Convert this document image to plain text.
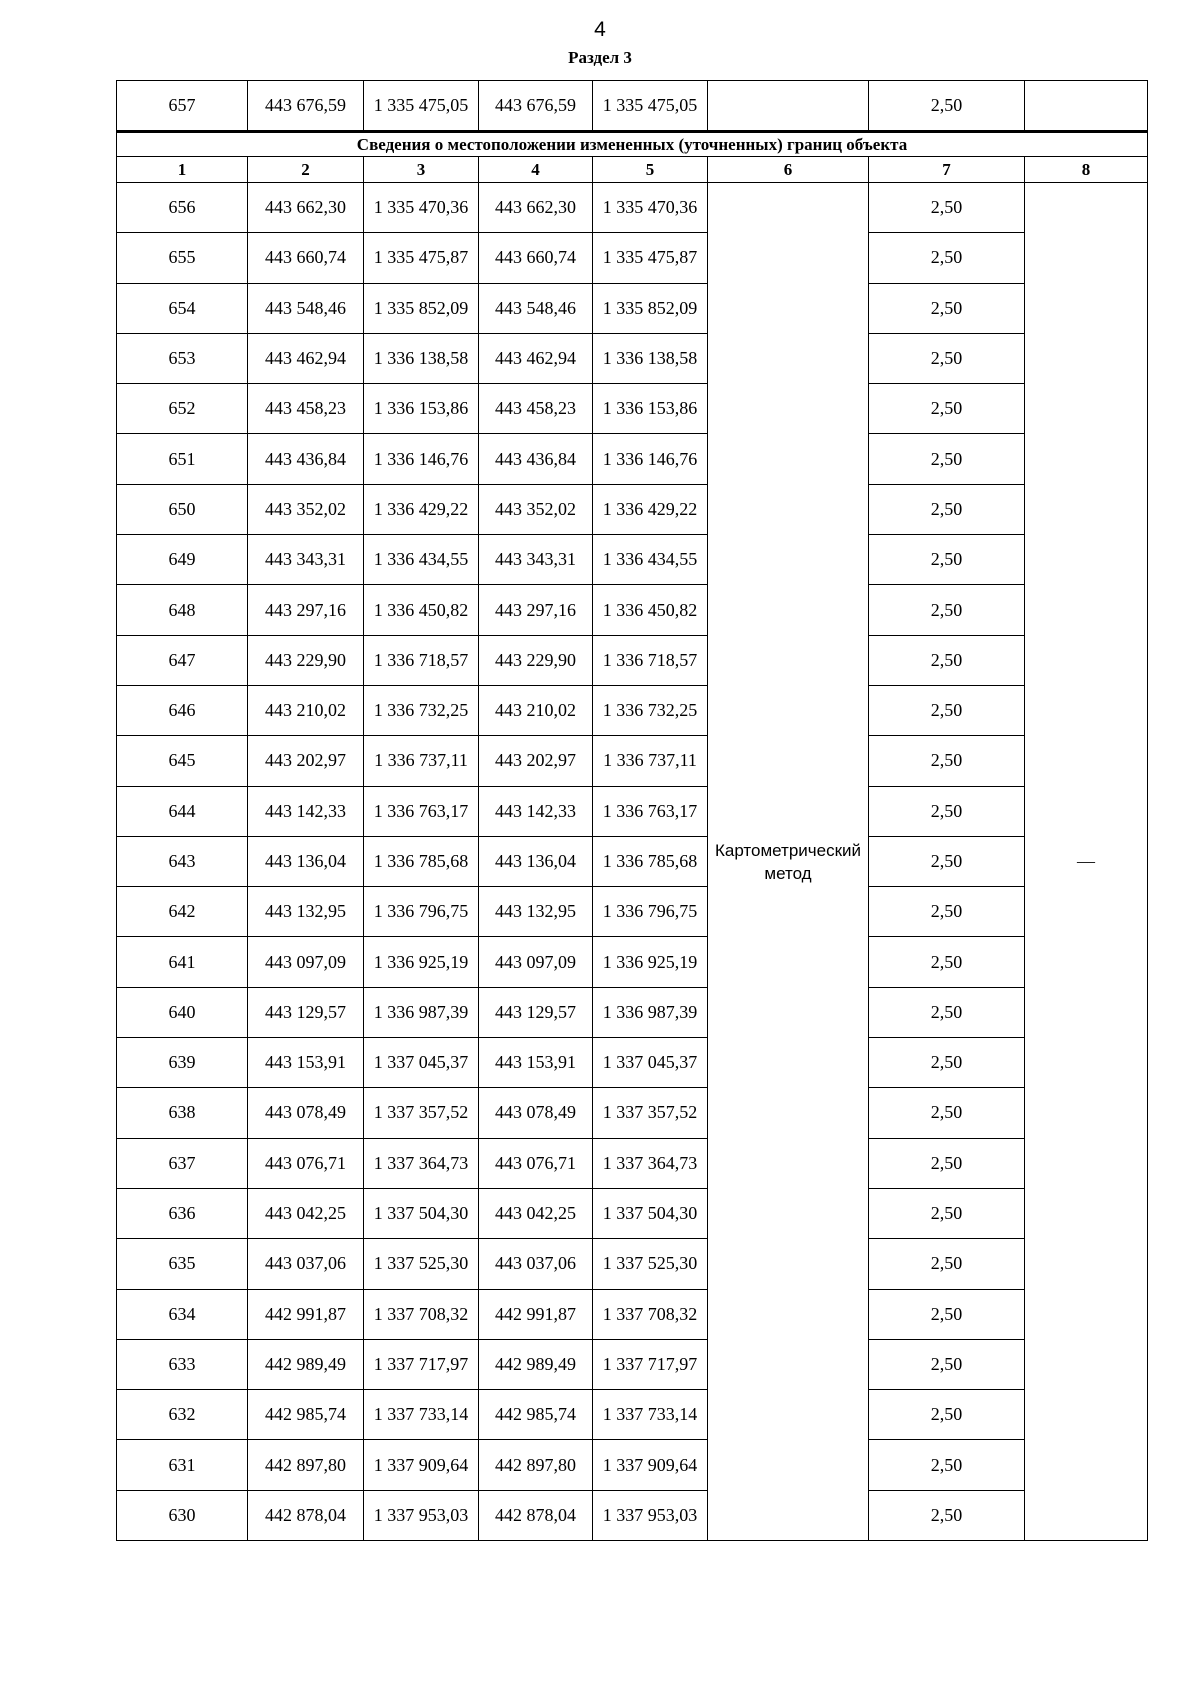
4
Раздел 3
657	443 676,59	1 335 475,05	443 676,59	1 335 475,05		2,50	
Сведения о местоположении измененных (уточненных) границ объекта							
1	2	3	4	5	6	7	8
656	443 662,30	1 335 470,36	443 662,30	1 335 470,36	Картометрический метод	2,50	—
655	443 660,74	1 335 475,87	443 660,74	1 335 475,87		2,50	
654	443 548,46	1 335 852,09	443 548,46	1 335 852,09		2,50	
653	443 462,94	1 336 138,58	443 462,94	1 336 138,58		2,50	
652	443 458,23	1 336 153,86	443 458,23	1 336 153,86		2,50	
651	443 436,84	1 336 146,76	443 436,84	1 336 146,76		2,50	
650	443 352,02	1 336 429,22	443 352,02	1 336 429,22		2,50	
649	443 343,31	1 336 434,55	443 343,31	1 336 434,55		2,50	
648	443 297,16	1 336 450,82	443 297,16	1 336 450,82		2,50	
647	443 229,90	1 336 718,57	443 229,90	1 336 718,57		2,50	
646	443 210,02	1 336 732,25	443 210,02	1 336 732,25		2,50	
645	443 202,97	1 336 737,11	443 202,97	1 336 737,11		2,50	
644	443 142,33	1 336 763,17	443 142,33	1 336 763,17		2,50	
643	443 136,04	1 336 785,68	443 136,04	1 336 785,68		2,50	
642	443 132,95	1 336 796,75	443 132,95	1 336 796,75		2,50	
641	443 097,09	1 336 925,19	443 097,09	1 336 925,19		2,50	
640	443 129,57	1 336 987,39	443 129,57	1 336 987,39		2,50	
639	443 153,91	1 337 045,37	443 153,91	1 337 045,37		2,50	
638	443 078,49	1 337 357,52	443 078,49	1 337 357,52		2,50	
637	443 076,71	1 337 364,73	443 076,71	1 337 364,73		2,50	
636	443 042,25	1 337 504,30	443 042,25	1 337 504,30		2,50	
635	443 037,06	1 337 525,30	443 037,06	1 337 525,30		2,50	
634	442 991,87	1 337 708,32	442 991,87	1 337 708,32		2,50	
633	442 989,49	1 337 717,97	442 989,49	1 337 717,97		2,50	
632	442 985,74	1 337 733,14	442 985,74	1 337 733,14		2,50	
631	442 897,80	1 337 909,64	442 897,80	1 337 909,64		2,50	
630	442 878,04	1 337 953,03	442 878,04	1 337 953,03		2,50	
